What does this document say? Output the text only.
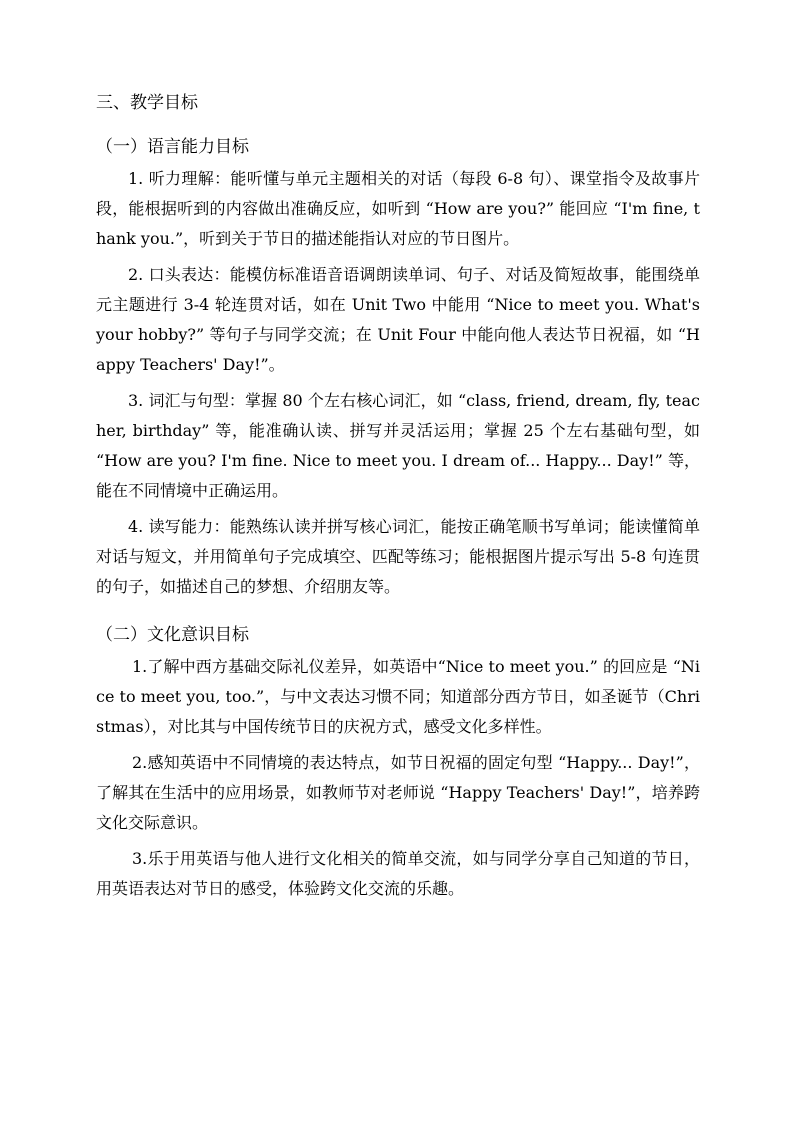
三、教学目标

（一）语言能力目标

1. 听力理解：能听懂与单元主题相关的对话（每段 6-8 句）、课堂指令及故事片段，能根据听到的内容做出准确反应，如听到 “How are you?” 能回应 “I'm fine, thank you.”，听到关于节日的描述能指认对应的节日图片。

2. 口头表达：能模仿标准语音语调朗读单词、句子、对话及简短故事，能围绕单元主题进行 3-4 轮连贯对话，如在 Unit Two 中能用 “Nice to meet you. What's your hobby?” 等句子与同学交流；在 Unit Four 中能向他人表达节日祝福，如 “Happy Teachers' Day!”。

3. 词汇与句型：掌握 80 个左右核心词汇，如 “class, friend, dream, fly, teacher, birthday” 等，能准确认读、拼写并灵活运用；掌握 25 个左右基础句型，如 “How are you? I'm fine. Nice to meet you. I dream of... Happy... Day!” 等，能在不同情境中正确运用。

4. 读写能力：能熟练认读并拼写核心词汇，能按正确笔顺书写单词；能读懂简单对话与短文，并用简单句子完成填空、匹配等练习；能根据图片提示写出 5-8 句连贯的句子，如描述自己的梦想、介绍朋友等。

（二）文化意识目标

1.了解中西方基础交际礼仪差异，如英语中“Nice to meet you.” 的回应是 “Nice to meet you, too.”，与中文表达习惯不同；知道部分西方节日，如圣诞节（Christmas），对比其与中国传统节日的庆祝方式，感受文化多样性。

2.感知英语中不同情境的表达特点，如节日祝福的固定句型 “Happy... Day!”，了解其在生活中的应用场景，如教师节对老师说 “Happy Teachers' Day!”，培养跨文化交际意识。

3.乐于用英语与他人进行文化相关的简单交流，如与同学分享自己知道的节日，用英语表达对节日的感受，体验跨文化交流的乐趣。
